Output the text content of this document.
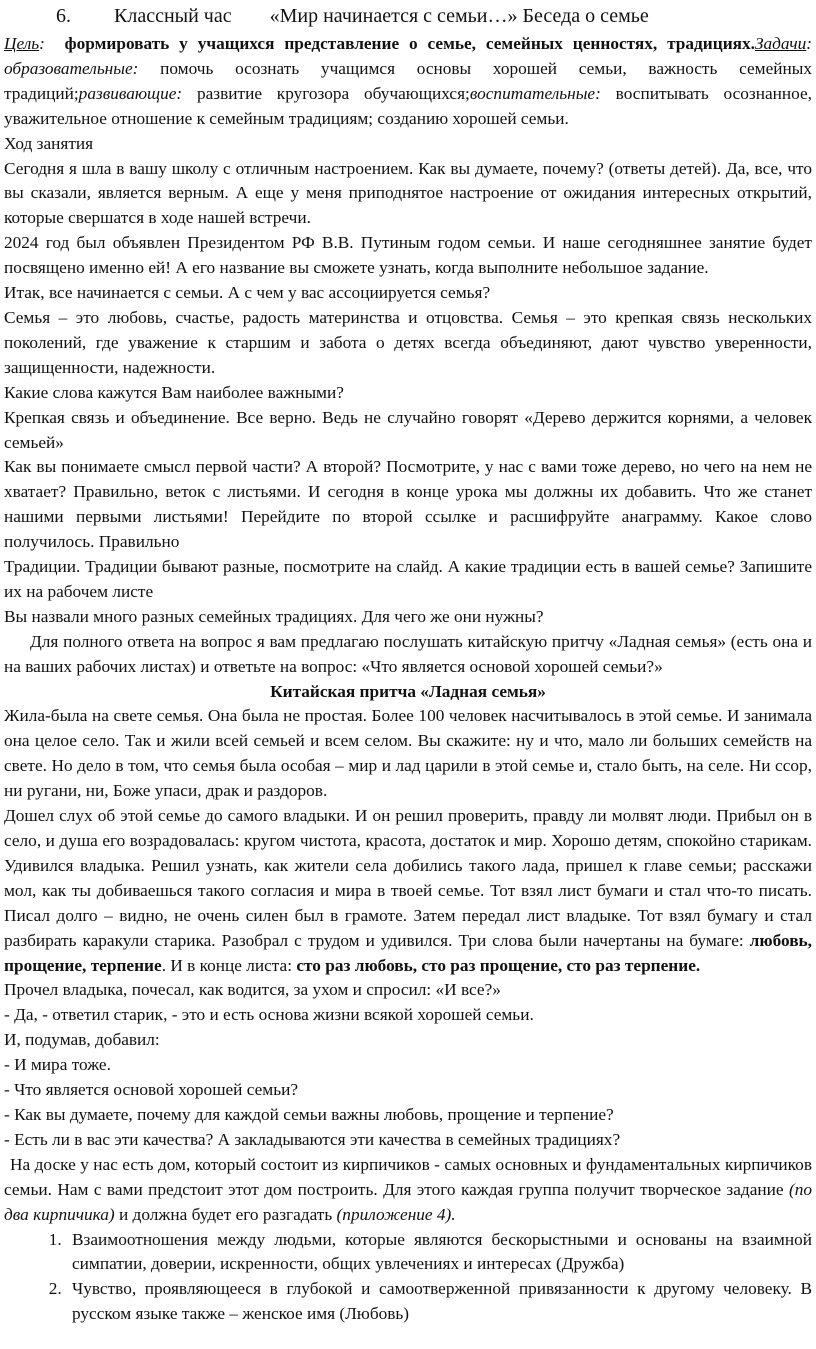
6. Классный час «Мир начинается с семьи…» Беседа о семье

Цель: формировать у учащихся представление о семье, семейных ценностях, традициях.Задачи: образовательные: помочь осознать учащимся основы хорошей семьи, важность семейных традиций;развивающие: развитие кругозора обучающихся;воспитательные: воспитывать осознанное, уважительное отношение к семейным традициям; созданию хорошей семьи.

Ход занятия

Сегодня я шла в вашу школу с отличным настроением. Как вы думаете, почему? (ответы детей). Да, все, что вы сказали, является верным. А еще у меня приподнятое настроение от ожидания интересных открытий, которые свершатся в ходе нашей встречи.

2024 год был объявлен Президентом РФ В.В. Путиным годом семьи. И наше сегодняшнее занятие будет посвящено именно ей! А его название вы сможете узнать, когда выполните небольшое задание.

Итак, все начинается с семьи. А с чем у вас ассоциируется семья?

Семья – это любовь, счастье, радость материнства и отцовства. Семья – это крепкая связь нескольких поколений, где уважение к старшим и забота о детях всегда объединяют, дают чувство уверенности, защищенности, надежности.

Какие слова кажутся Вам наиболее важными?

Крепкая связь и объединение. Все верно. Ведь не случайно говорят «Дерево держится корнями, а человек семьей»

Как вы понимаете смысл первой части? А второй? Посмотрите, у нас с вами тоже дерево, но чего на нем не хватает? Правильно, веток с листьями. И сегодня в конце урока мы должны их добавить. Что же станет нашими первыми листьями! Перейдите по второй ссылке и расшифруйте анаграмму. Какое слово получилось. Правильно

Традиции. Традиции бывают разные, посмотрите на слайд. А какие традиции есть в вашей семье? Запишите их на рабочем листе

Вы назвали много разных семейных традициях. Для чего же они нужны?

Для полного ответа на вопрос я вам предлагаю послушать китайскую притчу «Ладная семья» (есть она и на ваших рабочих листах) и ответьте на вопрос: «Что является основой хорошей семьи?»

Китайская притча «Ладная семья»

Жила-была на свете семья. Она была не простая. Более 100 человек насчитывалось в этой семье. И занимала она целое село. Так и жили всей семьей и всем селом. Вы скажите: ну и что, мало ли больших семейств на свете. Но дело в том, что семья была особая – мир и лад царили в этой семье и, стало быть, на селе. Ни ссор, ни ругани, ни, Боже упаси, драк и раздоров.

Дошел слух об этой семье до самого владыки. И он решил проверить, правду ли молвят люди. Прибыл он в село, и душа его возрадовалась: кругом чистота, красота, достаток и мир. Хорошо детям, спокойно старикам. Удивился владыка. Решил узнать, как жители села добились такого лада, пришел к главе семьи; расскажи мол, как ты добиваешься такого согласия и мира в твоей семье. Тот взял лист бумаги и стал что-то писать. Писал долго – видно, не очень силен был в грамоте. Затем передал лист владыке. Тот взял бумагу и стал разбирать каракули старика. Разобрал с трудом и удивился. Три слова были начертаны на бумаге: любовь, прощение, терпение. И в конце листа: сто раз любовь, сто раз прощение, сто раз терпение.

Прочел владыка, почесал, как водится, за ухом и спросил: «И все?»

- Да, - ответил старик, - это и есть основа жизни всякой хорошей семьи.

И, подумав, добавил:

- И мира тоже.

- Что является основой хорошей семьи?

- Как вы думаете, почему для каждой семьи важны любовь, прощение и терпение?

- Есть ли в вас эти качества? А закладываются эти качества в семейных традициях?

На доске у нас есть дом, который состоит из кирпичиков - самых основных и фундаментальных кирпичиков семьи. Нам с вами предстоит этот дом построить. Для этого каждая группа получит творческое задание (по два кирпичика) и должна будет его разгадать (приложение 4).

1. Взаимоотношения между людьми, которые являются бескорыстными и основаны на взаимной симпатии, доверии, искренности, общих увлечениях и интересах (Дружба)
2. Чувство, проявляющееся в глубокой и самоотверженной привязанности к другому человеку. В русском языке также – женское имя (Любовь)
